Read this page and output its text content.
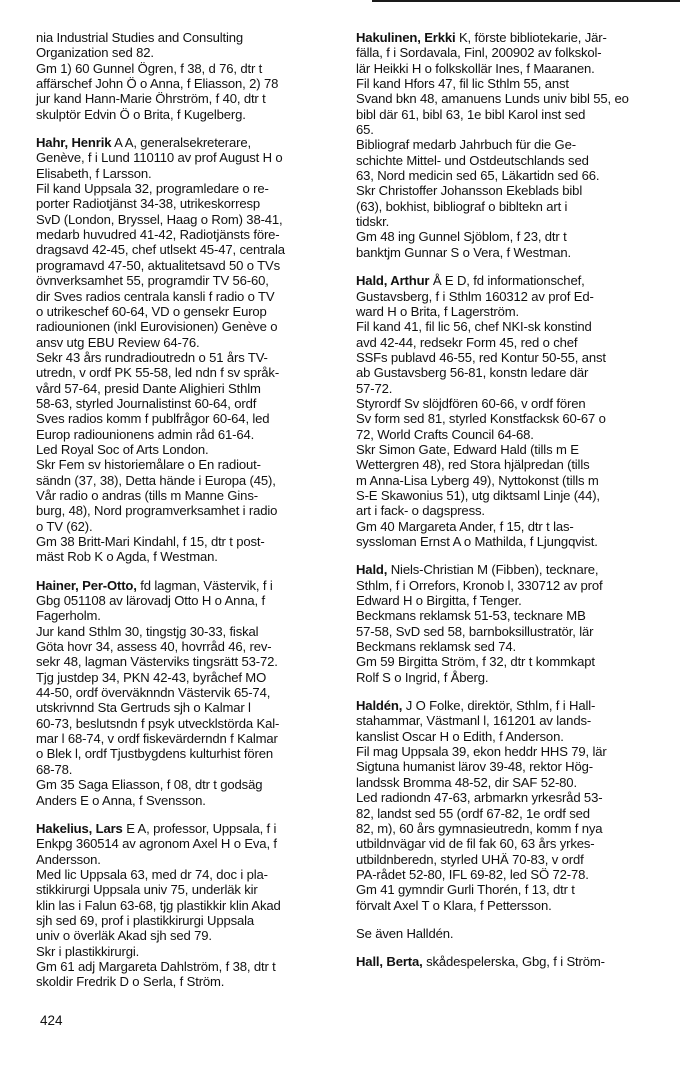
nia Industrial Studies and Consulting
Organization sed 82.
Gm 1) 60 Gunnel Ögren, f 38, d 76, dtr t
affärschef John Ö o Anna, f Eliasson, 2) 78
jur kand Hann-Marie Öhrström, f 40, dtr t
skulptör Edvin Ö o Brita, f Kugelberg.
Hahr, Henrik A A, generalsekreterare,
Genève, f i Lund 110110 av prof August H o
Elisabeth, f Larsson.
Fil kand Uppsala 32, programledare o re-
porter Radiotjänst 34-38, utrikeskorresp
SvD (London, Bryssel, Haag o Rom) 38-41,
medarb huvudred 41-42, Radiotjänsts före-
dragsavd 42-45, chef utlsekt 45-47, centrala
programavd 47-50, aktualitetsavd 50 o TVs
övnverksamhet 55, programdir TV 56-60,
dir Sves radios centrala kansli f radio o TV
o utrikeschef 60-64, VD o gensekr Europ
radiounionen (inkl Eurovisionen) Genève o
ansv utg EBU Review 64-76.
Sekr 43 års rundradioutredn o 51 års TV-
utredn, v ordf PK 55-58, led ndn f sv språk-
vård 57-64, presid Dante Alighieri Sthlm
58-63, styrled Journalistinst 60-64, ordf
Sves radios komm f publfrågor 60-64, led
Europ radiounionens admin råd 61-64.
Led Royal Soc of Arts London.
Skr Fem sv historiemålare o En radiout-
sändn (37, 38), Detta hände i Europa (45),
Vår radio o andras (tills m Manne Gins-
burg, 48), Nord programverksamhet i radio
o TV (62).
Gm 38 Britt-Mari Kindahl, f 15, dtr t post-
mäst Rob K o Agda, f Westman.
Hainer, Per-Otto, fd lagman, Västervik, f i
Gbg 051108 av lärovadj Otto H o Anna, f
Fagerholm.
Jur kand Sthlm 30, tingstjg 30-33, fiskal
Göta hovr 34, assess 40, hovrråd 46, rev-
sekr 48, lagman Västerviks tingsrätt 53-72.
Tjg justdep 34, PKN 42-43, byråchef MO
44-50, ordf överväknndn Västervik 65-74,
utskrivnnd Sta Gertruds sjh o Kalmar l
60-73, beslutsndn f psyk utvecklstörda Kal-
mar l 68-74, v ordf fiskevärderndn f Kalmar
o Blek l, ordf Tjustbygdens kulturhist fören
68-78.
Gm 35 Saga Eliasson, f 08, dtr t godsäg
Anders E o Anna, f Svensson.
Hakelius, Lars E A, professor, Uppsala, f i
Enkpg 360514 av agronom Axel H o Eva, f
Andersson.
Med lic Uppsala 63, med dr 74, doc i pla-
stikkirurgi Uppsala univ 75, underläk kir
klin las i Falun 63-68, tjg plastikkir klin Akad
sjh sed 69, prof i plastikkirurgi Uppsala
univ o överläk Akad sjh sed 79.
Skr i plastikkirurgi.
Gm 61 adj Margareta Dahlström, f 38, dtr t
skoldir Fredrik D o Serla, f Ström.
Hakulinen, Erkki K, förste bibliotekarie, Jär-
fälla, f i Sordavala, Finl, 200902 av folkskol-
lär Heikki H o folkskollär Ines, f Maaranen.
Fil kand Hfors 47, fil lic Sthlm 55, anst
Svand bkn 48, amanuens Lunds univ bibl 55, eo
bibl där 61, bibl 63, 1e bibl Karol inst sed
65.
Bibliograf medarb Jahrbuch für die Ge-
schichte Mittel- und Ostdeutschlands sed
63, Nord medicin sed 65, Läkartidn sed 66.
Skr Christoffer Johansson Ekeblads bibl
(63), bokhist, bibliograf o bibltekn art i
tidskr.
Gm 48 ing Gunnel Sjöblom, f 23, dtr t
banktjm Gunnar S o Vera, f Westman.
Hald, Arthur Å E D, fd informationschef,
Gustavsberg, f i Sthlm 160312 av prof Ed-
ward H o Brita, f Lagerström.
Fil kand 41, fil lic 56, chef NKI-sk konstind
avd 42-44, redsekr Form 45, red o chef
SSFs publavd 46-55, red Kontur 50-55, anst
ab Gustavsberg 56-81, konstn ledare där
57-72.
Styrordf Sv slöjdfören 60-66, v ordf fören
Sv form sed 81, styrled Konstfacksk 60-67 o
72, World Crafts Council 64-68.
Skr Simon Gate, Edward Hald (tills m E
Wettergren 48), red Stora hjälpredan (tills
m Anna-Lisa Lyberg 49), Nyttokonst (tills m
S-E Skawonius 51), utg diktsaml Linje (44),
art i fack- o dagspress.
Gm 40 Margareta Ander, f 15, dtr t las-
syssloman Ernst A o Mathilda, f Ljungqvist.
Hald, Niels-Christian M (Fibben), tecknare,
Sthlm, f i Orrefors, Kronob l, 330712 av prof
Edward H o Birgitta, f Tenger.
Beckmans reklamsk 51-53, tecknare MB
57-58, SvD sed 58, barnboksillustratör, lär
Beckmans reklamsk sed 74.
Gm 59 Birgitta Ström, f 32, dtr t kommkapt
Rolf S o Ingrid, f Åberg.
Haldén, J O Folke, direktör, Sthlm, f i Hall-
stahammar, Västmanl l, 161201 av lands-
kanslist Oscar H o Edith, f Anderson.
Fil mag Uppsala 39, ekon heddr HHS 79, lär
Sigtuna humanist lärov 39-48, rektor Hög-
landssk Bromma 48-52, dir SAF 52-80.
Led radiondn 47-63, arbmarkn yrkesråd 53-
82, landst sed 55 (ordf 67-82, 1e ordf sed
82, m), 60 års gymnasieutredn, komm f nya
utbildnvägar vid de fil fak 60, 63 års yrkes-
utbildnberedn, styrled UHÄ 70-83, v ordf
PA-rådet 52-80, IFL 69-82, led SÖ 72-78.
Gm 41 gymndir Gurli Thorén, f 13, dtr t
förvalt Axel T o Klara, f Pettersson.
Se även Halldén.
Hall, Berta, skådespelerska, Gbg, f i Ström-
424
